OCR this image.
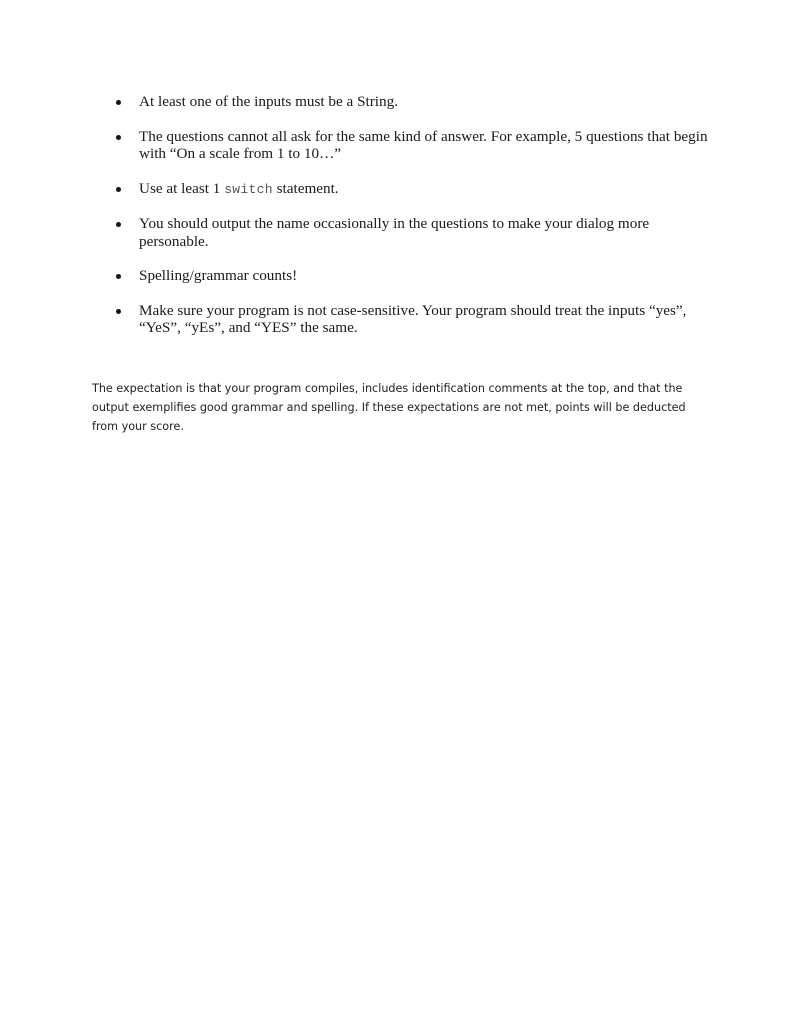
At least one of the inputs must be a String.
The questions cannot all ask for the same kind of answer. For example, 5 questions that begin with “On a scale from 1 to 10…”
Use at least 1 switch statement.
You should output the name occasionally in the questions to make your dialog more personable.
Spelling/grammar counts!
Make sure your program is not case-sensitive. Your program should treat the inputs “yes”, “YeS”, “yEs”, and “YES” the same.

The expectation is that your program compiles, includes identification comments at the top, and that the output exemplifies good grammar and spelling. If these expectations are not met, points will be deducted from your score.
